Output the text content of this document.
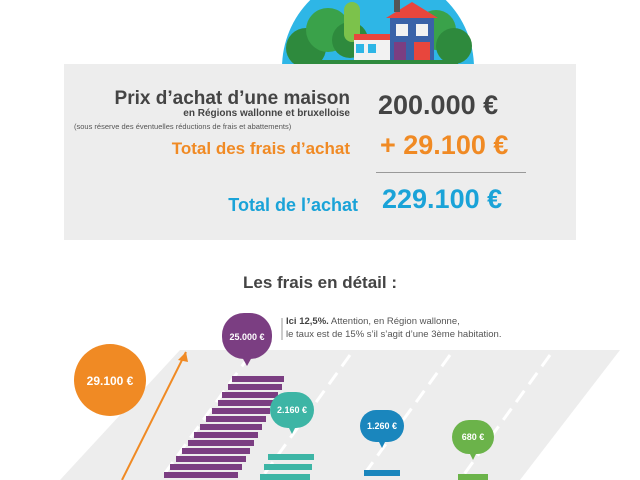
Prix d’achat d’une maison
en Régions wallonne et bruxelloise
(sous réserve des éventuelles réductions de frais et abattements)
200.000 €
Total des frais d’achat + 29.100 €
Total de l’achat 229.100 €
Les frais en détail :
29.100 €
25.000 €
2.160 €
1.260 €
680 €
Ici 12,5%. Attention, en Région wallonne,
le taux est de 15% s’il s’agit d’une 3ème habitation.
